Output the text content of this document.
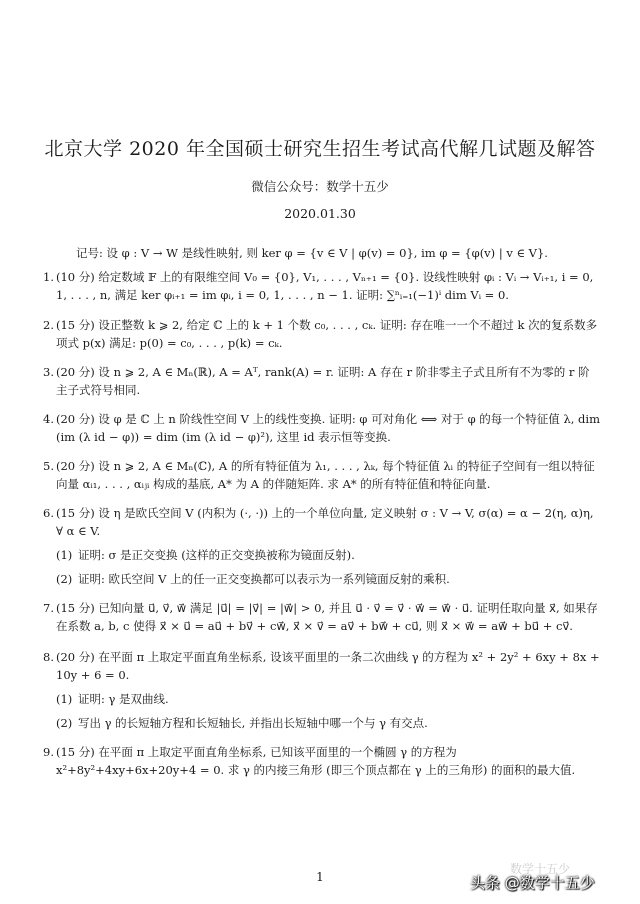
北京大学 2020 年全国硕士研究生招生考试高代解几试题及解答
微信公众号：数学十五少
2020.01.30
记号: 设 φ : V → W 是线性映射, 则 ker φ = {v ∈ V | φ(v) = 0}, im φ = {φ(v) | v ∈ V}.
1. (10 分) 给定数域 𝔽 上的有限维空间 V₀ = {0}, V₁, . . . , Vₙ₊₁ = {0}. 设线性映射 φᵢ : Vᵢ → Vᵢ₊₁, i = 0, 1, . . . , n, 满足 ker φᵢ₊₁ = im φᵢ, i = 0, 1, . . . , n − 1. 证明: ∑ⁿᵢ₌₁(−1)ⁱ dim Vᵢ = 0.
2. (15 分) 设正整数 k ⩾ 2, 给定 ℂ 上的 k + 1 个数 c₀, . . . , cₖ. 证明: 存在唯一一个不超过 k 次的复系数多项式 p(x) 满足: p(0) = c₀, . . . , p(k) = cₖ.
3. (20 分) 设 n ⩾ 2, A ∈ Mₙ(ℝ), A = Aᵀ, rank(A) = r. 证明: A 存在 r 阶非零主子式且所有不为零的 r 阶主子式符号相同.
4. (20 分) 设 φ 是 ℂ 上 n 阶线性空间 V 上的线性变换. 证明: φ 可对角化 ⟺ 对于 φ 的每一个特征值 λ, dim (im (λ id − φ)) = dim (im (λ id − φ)²), 这里 id 表示恒等变换.
5. (20 分) 设 n ⩾ 2, A ∈ Mₙ(ℂ), A 的所有特征值为 λ₁, . . . , λₖ, 每个特征值 λᵢ 的特征子空间有一组以特征向量 αᵢ₁, . . . , αᵢⱼᵢ 构成的基底, A* 为 A 的伴随矩阵. 求 A* 的所有特征值和特征向量.
6. (15 分) 设 η 是欧氏空间 V (内积为 (·, ·)) 上的一个单位向量, 定义映射 σ : V → V, σ(α) = α − 2(η, α)η, ∀ α ∈ V.
(1) 证明: σ 是正交变换 (这样的正交变换被称为镜面反射).
(2) 证明: 欧氏空间 V 上的任一正交变换都可以表示为一系列镜面反射的乘积.
7. (15 分) 已知向量 u⃗, v⃗, w⃗ 满足 |u⃗| = |v⃗| = |w⃗| > 0, 并且 u⃗ · v⃗ = v⃗ · w⃗ = w⃗ · u⃗. 证明任取向量 x⃗, 如果存在系数 a, b, c 使得 x⃗ × u⃗ = au⃗ + bv⃗ + cw⃗, x⃗ × v⃗ = av⃗ + bw⃗ + cu⃗, 则 x⃗ × w⃗ = aw⃗ + bu⃗ + cv⃗.
8. (20 分) 在平面 π 上取定平面直角坐标系, 设该平面里的一条二次曲线 γ 的方程为 x² + 2y² + 6xy + 8x + 10y + 6 = 0.
(1) 证明: γ 是双曲线.
(2) 写出 γ 的长短轴方程和长短轴长, 并指出长短轴中哪一个与 γ 有交点.
9. (15 分) 在平面 π 上取定平面直角坐标系, 已知该平面里的一个椭圆 γ 的方程为 x²+8y²+4xy+6x+20y+4 = 0. 求 γ 的内接三角形 (即三个顶点都在 γ 上的三角形) 的面积的最大值.
1
数学十五少
头条 @数学十五少
